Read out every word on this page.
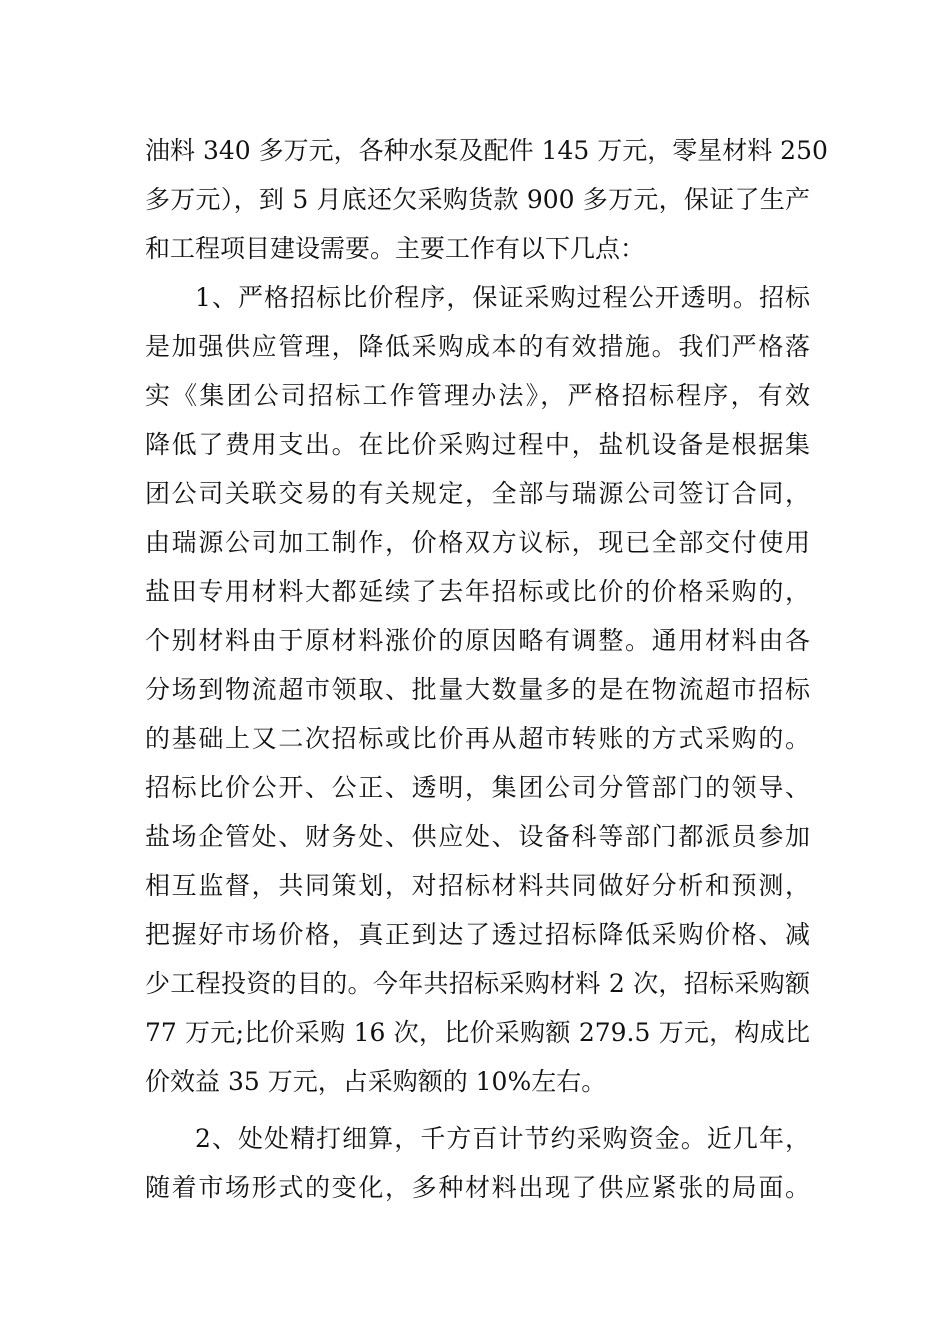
油料 340 多万元，各种水泵及配件 145 万元，零星材料 250
多万元），到 5 月底还欠采购货款 900 多万元，保证了生产
和工程项目建设需要。主要工作有以下几点：
1、严格招标比价程序，保证采购过程公开透明。招标
是加强供应管理，降低采购成本的有效措施。我们严格落
实《集团公司招标工作管理办法》，严格招标程序，有效
降低了费用支出。在比价采购过程中，盐机设备是根据集
团公司关联交易的有关规定，全部与瑞源公司签订合同，
由瑞源公司加工制作，价格双方议标，现已全部交付使用
盐田专用材料大都延续了去年招标或比价的价格采购的，
个别材料由于原材料涨价的原因略有调整。通用材料由各
分场到物流超市领取、批量大数量多的是在物流超市招标
的基础上又二次招标或比价再从超市转账的方式采购的。
招标比价公开、公正、透明，集团公司分管部门的领导、
盐场企管处、财务处、供应处、设备科等部门都派员参加
相互监督，共同策划，对招标材料共同做好分析和预测，
把握好市场价格，真正到达了透过招标降低采购价格、减
少工程投资的目的。今年共招标采购材料 2 次，招标采购额
77 万元;比价采购 16 次，比价采购额 279.5 万元，构成比
价效益 35 万元，占采购额的 10%左右。
2、处处精打细算，千方百计节约采购资金。近几年，
随着市场形式的变化，多种材料出现了供应紧张的局面。
